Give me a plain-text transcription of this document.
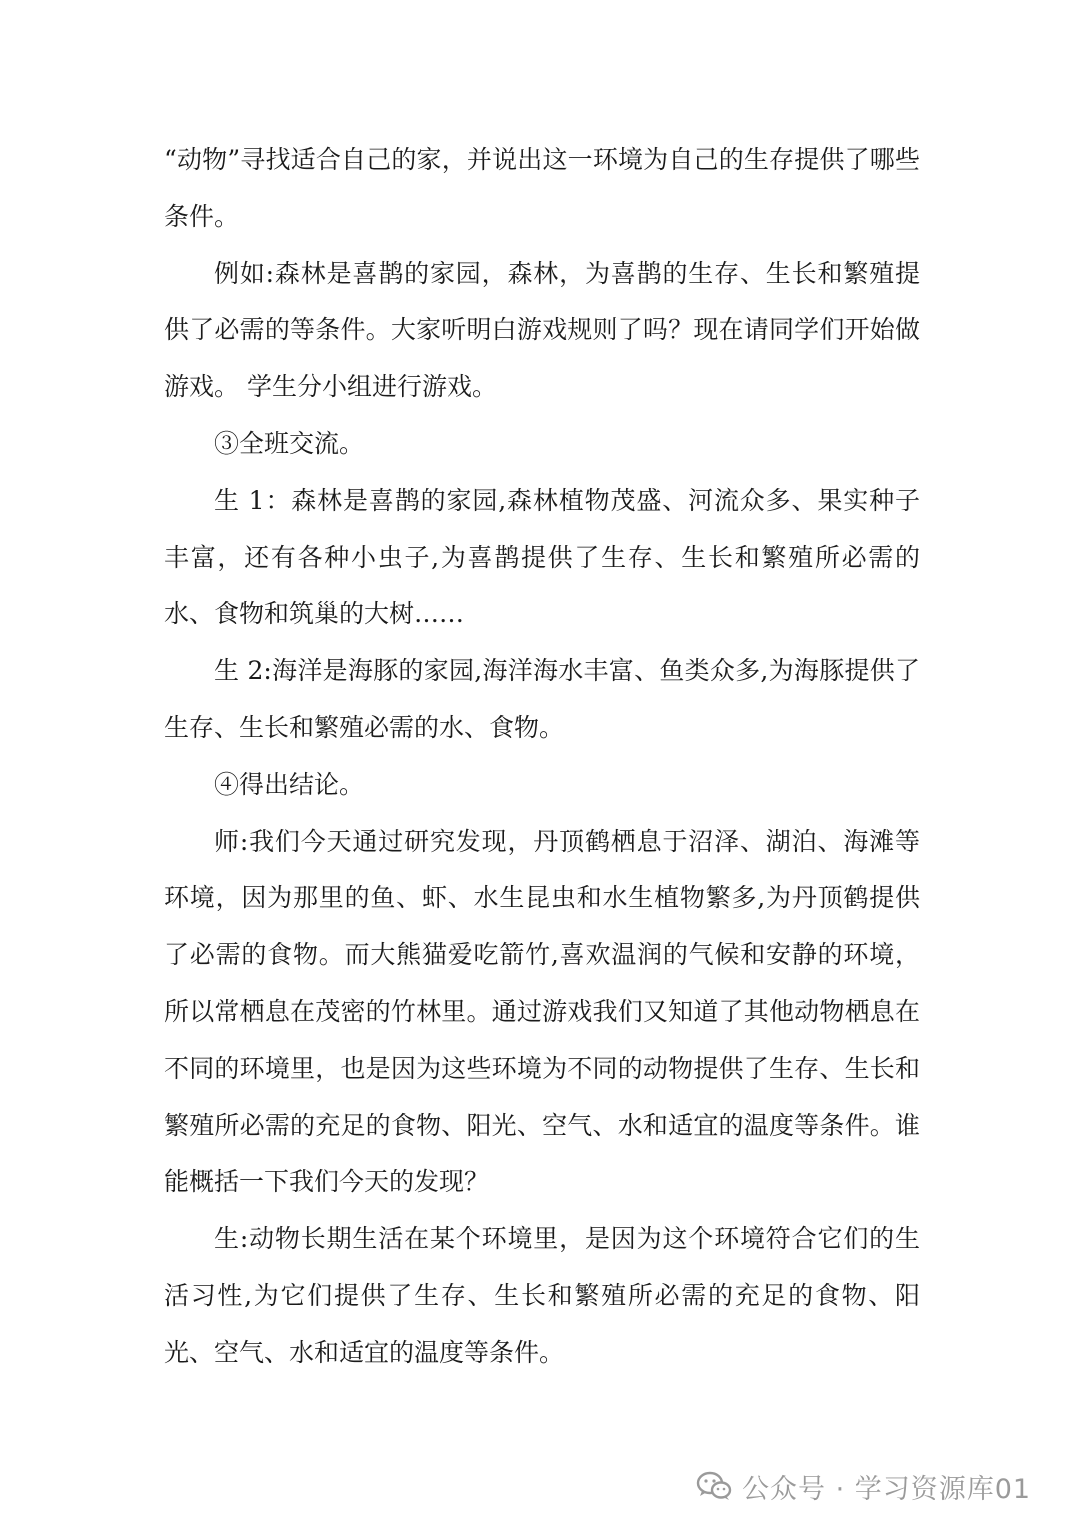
“动物”寻找适合自己的家，并说出这一环境为自己的生存提供了哪些条件。

例如:森林是喜鹊的家园，森林，为喜鹊的生存、生长和繁殖提供了必需的等条件。大家听明白游戏规则了吗？现在请同学们开始做游戏。 学生分小组进行游戏。

③全班交流。

生 1：森林是喜鹊的家园,森林植物茂盛、河流众多、果实种子丰富，还有各种小虫子,为喜鹊提供了生存、生长和繁殖所必需的水、食物和筑巢的大树……

生 2:海洋是海豚的家园,海洋海水丰富、鱼类众多,为海豚提供了生存、生长和繁殖必需的水、食物。

④得出结论。

师:我们今天通过研究发现，丹顶鹤栖息于沼泽、湖泊、海滩等环境，因为那里的鱼、虾、水生昆虫和水生植物繁多,为丹顶鹤提供了必需的食物。而大熊猫爱吃箭竹,喜欢温润的气候和安静的环境，所以常栖息在茂密的竹林里。通过游戏我们又知道了其他动物栖息在不同的环境里，也是因为这些环境为不同的动物提供了生存、生长和繁殖所必需的充足的食物、阳光、空气、水和适宜的温度等条件。谁能概括一下我们今天的发现？

生:动物长期生活在某个环境里，是因为这个环境符合它们的生活习性,为它们提供了生存、生长和繁殖所必需的充足的食物、阳光、空气、水和适宜的温度等条件。

公众号 · 学习资源库01
